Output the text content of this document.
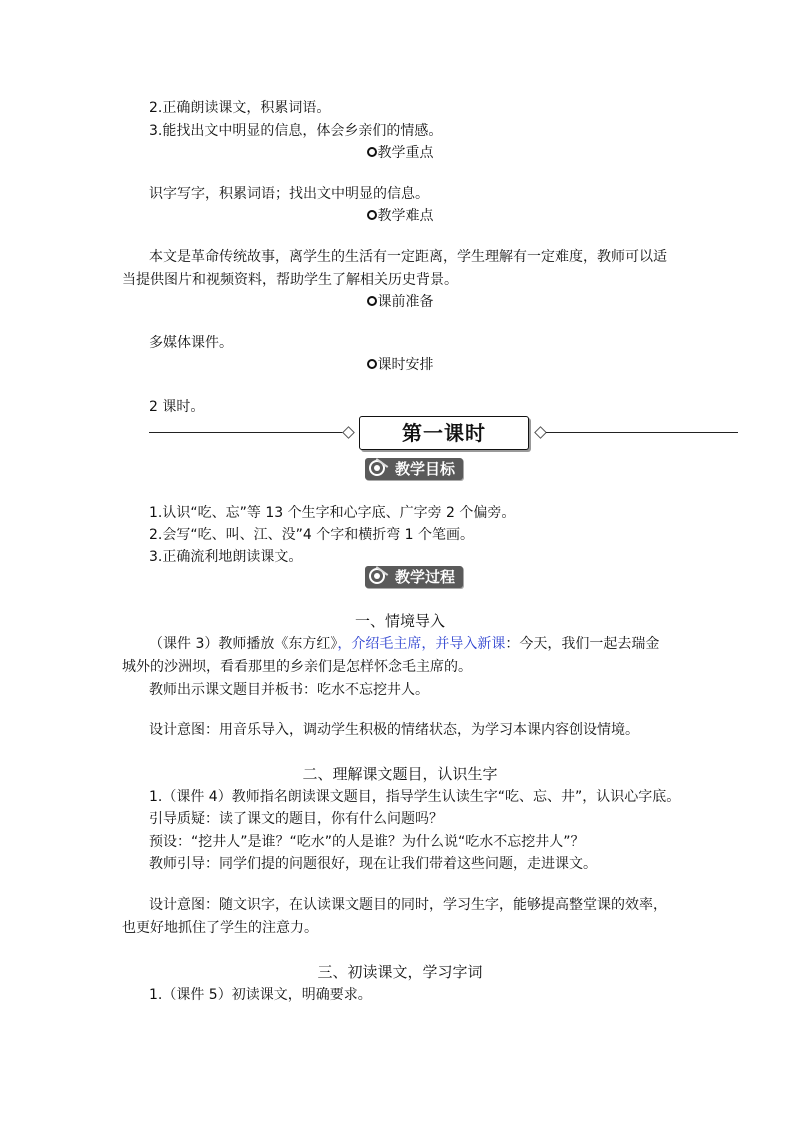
2.正确朗读课文，积累词语。
3.能找出文中明显的信息，体会乡亲们的情感。
教学重点
识字写字，积累词语；找出文中明显的信息。
教学难点
本文是革命传统故事，离学生的生活有一定距离，学生理解有一定难度，教师可以适
当提供图片和视频资料，帮助学生了解相关历史背景。
课前准备
多媒体课件。
课时安排
2 课时。
第一课时
教学目标
1.认识“吃、忘”等 13 个生字和心字底、广字旁 2 个偏旁。
2.会写“吃、叫、江、没”4 个字和横折弯 1 个笔画。
3.正确流利地朗读课文。
教学过程
一、情境导入
（课件 3）教师播放《东方红》，介绍毛主席，并导入新课：今天，我们一起去瑞金
城外的沙洲坝，看看那里的乡亲们是怎样怀念毛主席的。
教师出示课文题目并板书：吃水不忘挖井人。
设计意图：用音乐导入，调动学生积极的情绪状态，为学习本课内容创设情境。
二、理解课文题目，认识生字
1.（课件 4）教师指名朗读课文题目，指导学生认读生字“吃、忘、井”，认识心字底。
引导质疑：读了课文的题目，你有什么问题吗？
预设：“挖井人”是谁？“吃水”的人是谁？为什么说“吃水不忘挖井人”？
教师引导：同学们提的问题很好，现在让我们带着这些问题，走进课文。
设计意图：随文识字，在认读课文题目的同时，学习生字，能够提高整堂课的效率，
也更好地抓住了学生的注意力。
三、初读课文，学习字词
1.（课件 5）初读课文，明确要求。
